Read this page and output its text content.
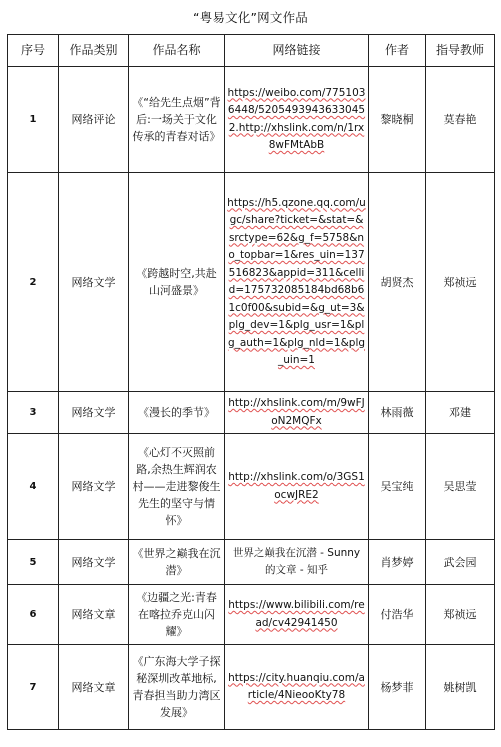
“粤易文化”网文作品
序号	作品类别	作品名称	网络链接	作者	指导教师
1	网络评论	《“给先生点烟”背后:一场关于文化传承的青春对话》	https://weibo.com/7751036448/5205493943633045 2.http://xhslink.com/n/1rx8wFMtAbB	黎晓桐	莫春艳
2	网络文学	《跨越时空,共赴山河盛景》	https://h5.qzone.qq.com/ugc/share?ticket=&stat=&srctype=62&g_f=5758&no_topbar=1&res_uin=137516823&appid=311&cellid=17573208518​4bd68b61c0f00&subid=&g_ut=3&plg_dev=1&plg_usr=1&plg_auth=1&plg_nld=1&plg_uin=1	胡贤杰	郑祯远
3	网络文学	《漫长的季节》	http://xhslink.com/m/9wFJoN2MQFx	林雨薇	邓建
4	网络文学	《心灯不灭照前路,余热生辉润农村——走进黎俊生先生的坚守与情怀》	http://xhslink.com/o/3GS1ocwJRE2	吴宝纯	吴思莹
5	网络文学	《世界之巅我在沉潜》	世界之巅我在沉潜 - Sunny 的文章 - 知乎	肖梦婷	武会园
6	网络文章	《边疆之光:青春在喀拉乔克山闪耀》	https://www.bilibili.com/read/cv42941450	付浩华	郑祯远
7	网络文章	《广东海大学子探秘深圳改革地标,青春担当助力湾区发展》	https://city.huanqiu.com/article/4NieooKty78	杨梦菲	姚树凯
